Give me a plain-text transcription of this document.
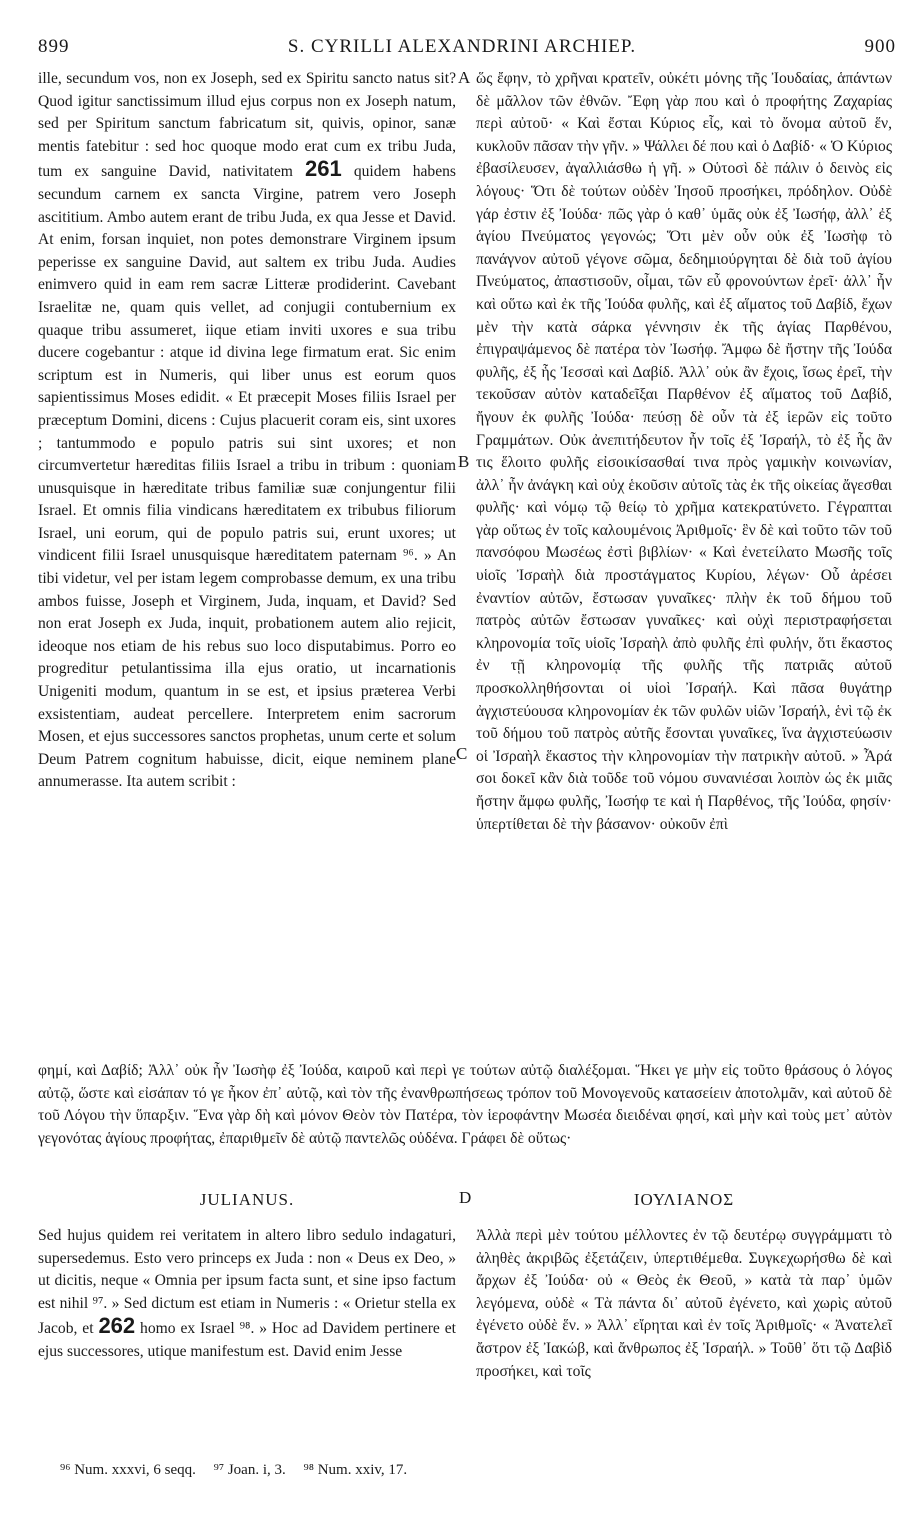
899	S. CYRILLI ALEXANDRINI ARCHIEP.	900
A
B
C
D

ille, secundum vos, non ex Joseph, sed ex Spiritu sancto natus sit? Quod igitur sanctissimum illud ejus corpus non ex Joseph natum, sed per Spiritum sanctum fabricatum sit, quivis, opinor, sanæ mentis fatebitur : sed hoc quoque modo erat cum ex tribu Juda, tum ex sanguine David, nativitatem 261 quidem habens secundum carnem ex sancta Virgine, patrem vero Joseph ascititium. Ambo autem erant de tribu Juda, ex qua Jesse et David. At enim, forsan inquiet, non potes demonstrare Virginem ipsum peperisse ex sanguine David, aut saltem ex tribu Juda. Audies enimvero quid in eam rem sacræ Litteræ prodiderint. Cavebant Israelitæ ne, quam quis vellet, ad conjugii contubernium ex quaque tribu assumeret, iique etiam inviti uxores e sua tribu ducere cogebantur : atque id divina lege firmatum erat. Sic enim scriptum est in Numeris, qui liber unus est eorum quos sapientissimus Moses edidit. « Et præcepit Moses filiis Israel per præceptum Domini, dicens : Cujus placuerit coram eis, sint uxores ; tantummodo e populo patris sui sint uxores; et non circumvertetur hæreditas filiis Israel a tribu in tribum : quoniam unusquisque in hæreditate tribus familiæ suæ conjungentur filii Israel. Et omnis filia vindicans hæreditatem ex tribubus filiorum Israel, uni eorum, qui de populo patris sui, erunt uxores; ut vindicent filii Israel unusquisque hæreditatem paternam ⁹⁶. » An tibi videtur, vel per istam legem comprobasse demum, ex una tribu ambos fuisse, Joseph et Virginem, Juda, inquam, et David? Sed non erat Joseph ex Juda, inquit, probationem autem alio rejicit, ideoque nos etiam de his rebus suo loco disputabimus. Porro eo progreditur petulantissima illa ejus oratio, ut incarnationis Unigeniti modum, quantum in se est, et ipsius præterea Verbi exsistentiam, audeat percellere. Interpretem enim sacrorum Mosen, et ejus successores sanctos prophetas, unum certe et solum Deum Patrem cognitum habuisse, dicit, eique neminem plane annumerasse. Ita autem scribit :

ὥς ἔφην, τὸ χρῆναι κρατεῖν, οὐκέτι μόνης τῆς Ἰουδαίας, ἁπάντων δὲ μᾶλλον τῶν ἐθνῶν. Ἔφη γὰρ που καὶ ὁ προφήτης Ζαχαρίας περὶ αὐτοῦ· « Καὶ ἔσται Κύριος εἷς, καὶ τὸ ὄνομα αὐτοῦ ἕν, κυκλοῦν πᾶσαν τὴν γῆν. » Ψάλλει δέ που καὶ ὁ Δαβίδ· « Ὁ Κύριος ἐβασίλευσεν, ἀγαλλιάσθω ἡ γῆ. » Οὑτοσὶ δὲ πάλιν ὁ δεινὸς εἰς λόγους· Ὅτι δὲ τούτων οὐδὲν Ἰησοῦ προσήκει, πρόδηλον. Οὐδὲ γάρ ἐστιν ἐξ Ἰούδα· πῶς γὰρ ὁ καθ᾽ ὑμᾶς οὐκ ἐξ Ἰωσήφ, ἀλλ᾽ ἐξ ἁγίου Πνεύματος γεγονώς; Ὅτι μὲν οὖν οὐκ ἐξ Ἰωσὴφ τὸ πανάγνον αὐτοῦ γέγονε σῶμα, δεδημιούργηται δὲ διὰ τοῦ ἁγίου Πνεύματος, ἀπαστισοῦν, οἶμαι, τῶν εὖ φρονούντων ἐρεῖ· ἀλλ᾽ ἦν καὶ οὕτω καὶ ἐκ τῆς Ἰούδα φυλῆς, καὶ ἐξ αἵματος τοῦ Δαβίδ, ἔχων μὲν τὴν κατὰ σάρκα γέννησιν ἐκ τῆς ἁγίας Παρθένου, ἐπιγραψάμενος δὲ πατέρα τὸν Ἰωσήφ. Ἄμφω δὲ ἤστην τῆς Ἰούδα φυλῆς, ἐξ ἧς Ἰεσσαὶ καὶ Δαβίδ. Ἀλλ᾽ οὐκ ἂν ἔχοις, ἴσως ἐρεῖ, τὴν τεκοῦσαν αὐτὸν καταδεῖξαι Παρθένον ἐξ αἵματος τοῦ Δαβίδ, ἤγουν ἐκ φυλῆς Ἰούδα· πεύσῃ δὲ οὖν τὰ ἐξ ἱερῶν εἰς τοῦτο Γραμμάτων. Οὐκ ἀνεπιτήδευτον ἦν τοῖς ἐξ Ἰσραήλ, τὸ ἐξ ἧς ἂν τις ἕλοιτο φυλῆς εἰσοικίσασθαί τινα πρὸς γαμικὴν κοινωνίαν, ἀλλ᾽ ἦν ἀνάγκη καὶ οὐχ ἑκοῦσιν αὐτοῖς τὰς ἐκ τῆς οἰκείας ἄγεσθαι φυλῆς· καὶ νόμῳ τῷ θείῳ τὸ χρῆμα κατεκρατύνετο. Γέγραπται γὰρ οὕτως ἐν τοῖς καλουμένοις Ἀριθμοῖς· ἓν δὲ καὶ τοῦτο τῶν τοῦ πανσόφου Μωσέως ἐστὶ βιβλίων· « Καὶ ἐνετείλατο Μωσῆς τοῖς υἱοῖς Ἰσραὴλ διὰ προστάγματος Κυρίου, λέγων· Οὗ ἀρέσει ἐναντίον αὐτῶν, ἔστωσαν γυναῖκες· πλὴν ἐκ τοῦ δήμου τοῦ πατρὸς αὐτῶν ἔστωσαν γυναῖκες· καὶ οὐχὶ περιστραφήσεται κληρονομία τοῖς υἱοῖς Ἰσραὴλ ἀπὸ φυλῆς ἐπὶ φυλήν, ὅτι ἕκαστος ἐν τῇ κληρονομίᾳ τῆς φυλῆς τῆς πατριᾶς αὐτοῦ προσκολληθήσονται οἱ υἱοὶ Ἰσραήλ. Καὶ πᾶσα θυγάτηρ ἀγχιστεύουσα κληρονομίαν ἐκ τῶν φυλῶν υἱῶν Ἰσραήλ, ἑνὶ τῷ ἐκ τοῦ δήμου τοῦ πατρὸς αὐτῆς ἔσονται γυναῖκες, ἵνα ἀγχιστεύωσιν οἱ Ἰσραὴλ ἕκαστος τὴν κληρονομίαν τὴν πατρικὴν αὐτοῦ. » Ἆρά σοι δοκεῖ κἂν διὰ τοῦδε τοῦ νόμου συνανιέσαι λοιπὸν ὡς ἐκ μιᾶς ἤστην ἄμφω φυλῆς, Ἰωσήφ τε καὶ ἡ Παρθένος, τῆς Ἰούδα, φησίν· ὑπερτίθεται δὲ τὴν βάσανον· οὐκοῦν ἐπὶ

φημί, καὶ Δαβίδ; Ἀλλ᾽ οὐκ ἦν Ἰωσὴφ ἐξ Ἰούδα, καιροῦ καὶ περὶ γε τούτων αὐτῷ διαλέξομαι. Ἥκει γε μὴν εἰς τοῦτο θράσους ὁ λόγος αὐτῷ, ὥστε καὶ εἰσάπαν τό γε ἧκον ἐπ᾽ αὐτῷ, καὶ τὸν τῆς ἐνανθρωπήσεως τρόπον τοῦ Μονογενοῦς κατασείειν ἀποτολμᾶν, καὶ αὐτοῦ δὲ τοῦ Λόγου τὴν ὕπαρξιν. Ἕνα γὰρ δὴ καὶ μόνον Θεὸν τὸν Πατέρα, τὸν ἱεροφάντην Μωσέα διειδέναι φησί, καὶ μὴν καὶ τοὺς μετ᾽ αὐτὸν γεγονότας ἁγίους προφήτας, ἐπαριθμεῖν δὲ αὐτῷ παντελῶς οὐδένα. Γράφει δὲ οὕτως·

JULIANUS.	ΙΟΥΛΙΑΝΟΣ

Sed hujus quidem rei veritatem in altero libro sedulo indagaturi, supersedemus. Esto vero princeps ex Juda : non « Deus ex Deo, » ut dicitis, neque « Omnia per ipsum facta sunt, et sine ipso factum est nihil ⁹⁷. » Sed dictum est etiam in Numeris : « Orietur stella ex Jacob, et 262 homo ex Israel ⁹⁸. » Hoc ad Davidem pertinere et ejus successores, utique manifestum est. David enim Jesse

Ἀλλὰ περὶ μὲν τούτου μέλλοντες ἐν τῷ δευτέρῳ συγγράμματι τὸ ἀληθὲς ἀκριβῶς ἐξετάζειν, ὑπερτιθέμεθα. Συγκεχωρήσθω δὲ καὶ ἄρχων ἐξ Ἰούδα· οὐ « Θεὸς ἐκ Θεοῦ, » κατὰ τὰ παρ᾽ ὑμῶν λεγόμενα, οὐδὲ « Τὰ πάντα δι᾽ αὐτοῦ ἐγένετο, καὶ χωρὶς αὐτοῦ ἐγένετο οὐδὲ ἕν. » Ἀλλ᾽ εἴρηται καὶ ἐν τοῖς Ἀριθμοῖς· « Ἀνατελεῖ ἄστρον ἐξ Ἰακώβ, καὶ ἄνθρωπος ἐξ Ἰσραήλ. » Τοῦθ᾽ ὅτι τῷ Δαβὶδ προσήκει, καὶ τοῖς

⁹⁶ Num. xxxvi, 6 seqq. ⁹⁷ Joan. i, 3. ⁹⁸ Num. xxiv, 17.
